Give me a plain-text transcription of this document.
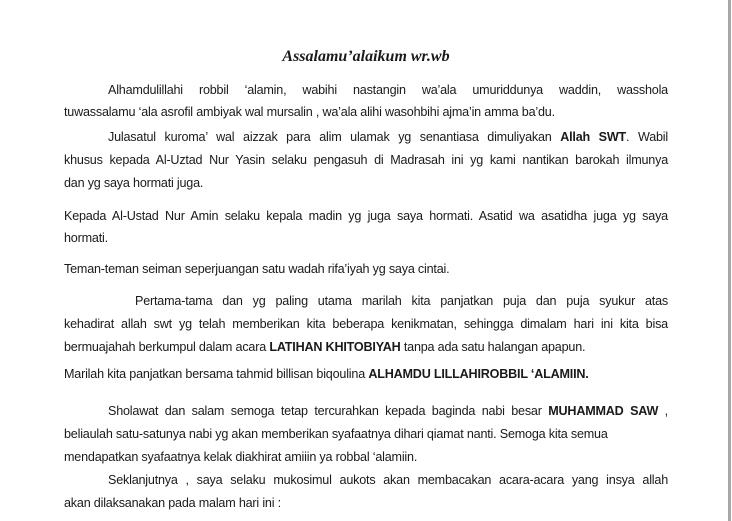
Assalamu’alaikum wr.wb
Alhamdulillahi robbil ‘alamin, wabihi nastangin wa’ala umuriddunya waddin, wasshola
tuwassalamu ‘ala asrofil ambiyak wal mursalin , wa’ala alihi wasohbihi ajma’in amma ba’du.
Julasatul kuroma’ wal aizzak para alim ulamak yg senantiasa dimuliyakan Allah SWT. Wabil
khusus kepada Al-Uztad Nur Yasin selaku pengasuh di Madrasah ini yg kami nantikan barokah ilmunya
dan yg saya hormati juga.
Kepada Al-Ustad Nur Amin selaku kepala madin yg juga saya hormati. Asatid wa asatidha juga yg saya
hormati.
Teman-teman seiman seperjuangan satu wadah rifa’iyah yg saya cintai.
Pertama-tama dan yg paling utama marilah kita panjatkan puja dan puja syukur atas
kehadirat allah swt yg telah memberikan kita beberapa kenikmatan, sehingga dimalam hari ini kita bisa
bermuajahah berkumpul dalam acara LATIHAN KHITOBIYAH tanpa ada satu halangan apapun.
Marilah kita panjatkan bersama tahmid billisan biqoulina ALHAMDU LILLAHIROBBIL ‘ALAMIIN.
Sholawat dan salam semoga tetap tercurahkan kepada baginda nabi besar MUHAMMAD SAW ,
beliaulah satu-satunya nabi yg akan memberikan syafaatnya dihari qiamat nanti. Semoga kita semua
mendapatkan syafaatnya kelak diakhirat amiiin ya robbal ‘alamiin.
Seklanjutnya , saya selaku mukosimul aukots akan membacakan acara-acara yang insya allah
akan dilaksanakan pada malam hari ini :
